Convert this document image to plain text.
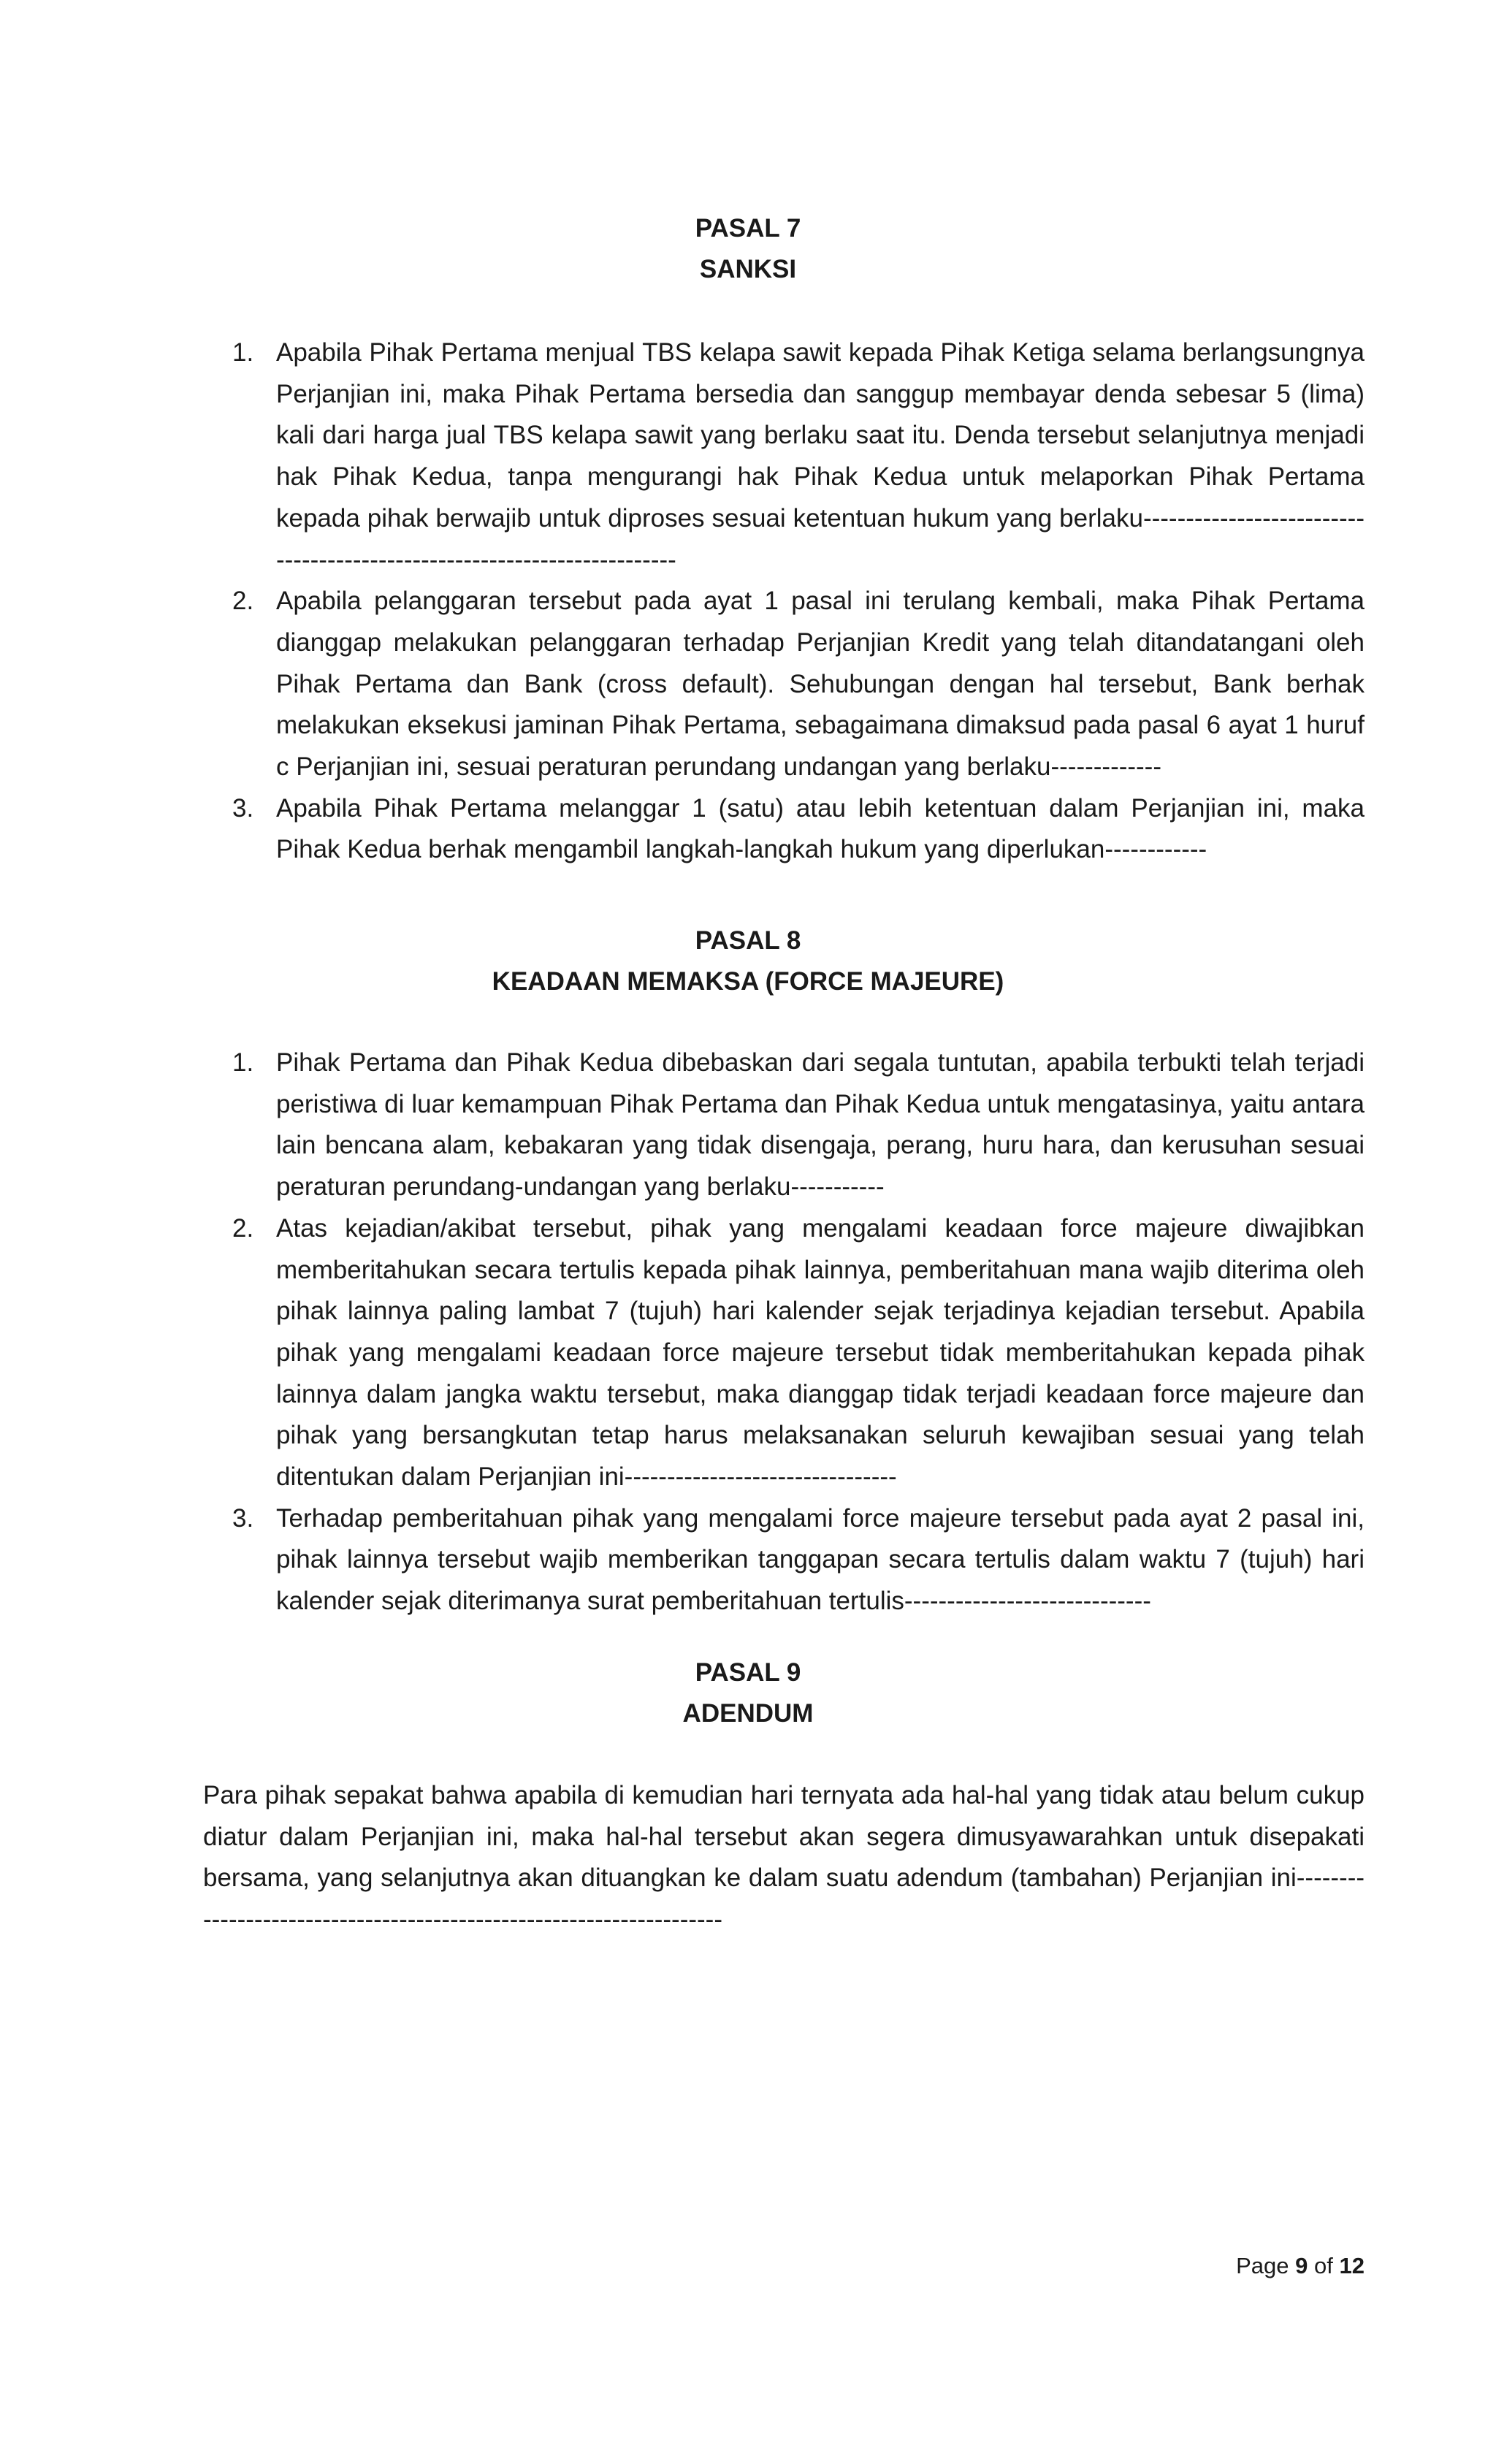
PASAL 7
SANKSI
1. Apabila Pihak Pertama menjual TBS kelapa sawit kepada Pihak Ketiga selama berlangsungnya Perjanjian ini, maka Pihak Pertama bersedia dan sanggup membayar denda sebesar 5 (lima) kali dari harga jual TBS kelapa sawit yang berlaku saat itu. Denda tersebut selanjutnya menjadi hak Pihak Kedua, tanpa mengurangi hak Pihak Kedua untuk melaporkan Pihak Pertama kepada pihak berwajib untuk diproses sesuai ketentuan hukum yang berlaku-------------------------------------------------------------------------
2. Apabila pelanggaran tersebut pada ayat 1 pasal ini terulang kembali, maka Pihak Pertama dianggap melakukan pelanggaran terhadap Perjanjian Kredit yang telah ditandatangani oleh Pihak Pertama dan Bank (cross default). Sehubungan dengan hal tersebut, Bank berhak melakukan eksekusi jaminan Pihak Pertama, sebagaimana dimaksud pada pasal 6 ayat 1 huruf c Perjanjian ini, sesuai peraturan perundang undangan yang berlaku-------------
3. Apabila Pihak Pertama melanggar 1 (satu) atau lebih ketentuan dalam Perjanjian ini, maka Pihak Kedua berhak mengambil langkah-langkah hukum yang diperlukan------------
PASAL 8
KEADAAN MEMAKSA (FORCE MAJEURE)
1. Pihak Pertama dan Pihak Kedua dibebaskan dari segala tuntutan, apabila terbukti telah terjadi peristiwa di luar kemampuan Pihak Pertama dan Pihak Kedua untuk mengatasinya, yaitu antara lain bencana alam, kebakaran yang tidak disengaja, perang, huru hara, dan kerusuhan sesuai peraturan perundang-undangan yang berlaku-----------
2. Atas kejadian/akibat tersebut, pihak yang mengalami keadaan force majeure diwajibkan memberitahukan secara tertulis kepada pihak lainnya, pemberitahuan mana wajib diterima oleh pihak lainnya paling lambat 7 (tujuh) hari kalender sejak terjadinya kejadian tersebut. Apabila pihak yang mengalami keadaan force majeure tersebut tidak memberitahukan kepada pihak lainnya dalam jangka waktu tersebut, maka dianggap tidak terjadi keadaan force majeure dan pihak yang bersangkutan tetap harus melaksanakan seluruh kewajiban sesuai yang telah ditentukan dalam Perjanjian ini--------------------------------
3. Terhadap pemberitahuan pihak yang mengalami force majeure tersebut pada ayat 2 pasal ini, pihak lainnya tersebut wajib memberikan tanggapan secara tertulis dalam waktu 7 (tujuh) hari kalender sejak diterimanya surat pemberitahuan tertulis-----------------------------
PASAL 9
ADENDUM

Para pihak sepakat bahwa apabila di kemudian hari ternyata ada hal-hal yang tidak atau belum cukup diatur dalam Perjanjian ini, maka hal-hal tersebut akan segera dimusyawarahkan untuk disepakati bersama, yang selanjutnya akan dituangkan ke dalam suatu adendum (tambahan) Perjanjian ini---------------------------------------------------------------------

Page 9 of 12
